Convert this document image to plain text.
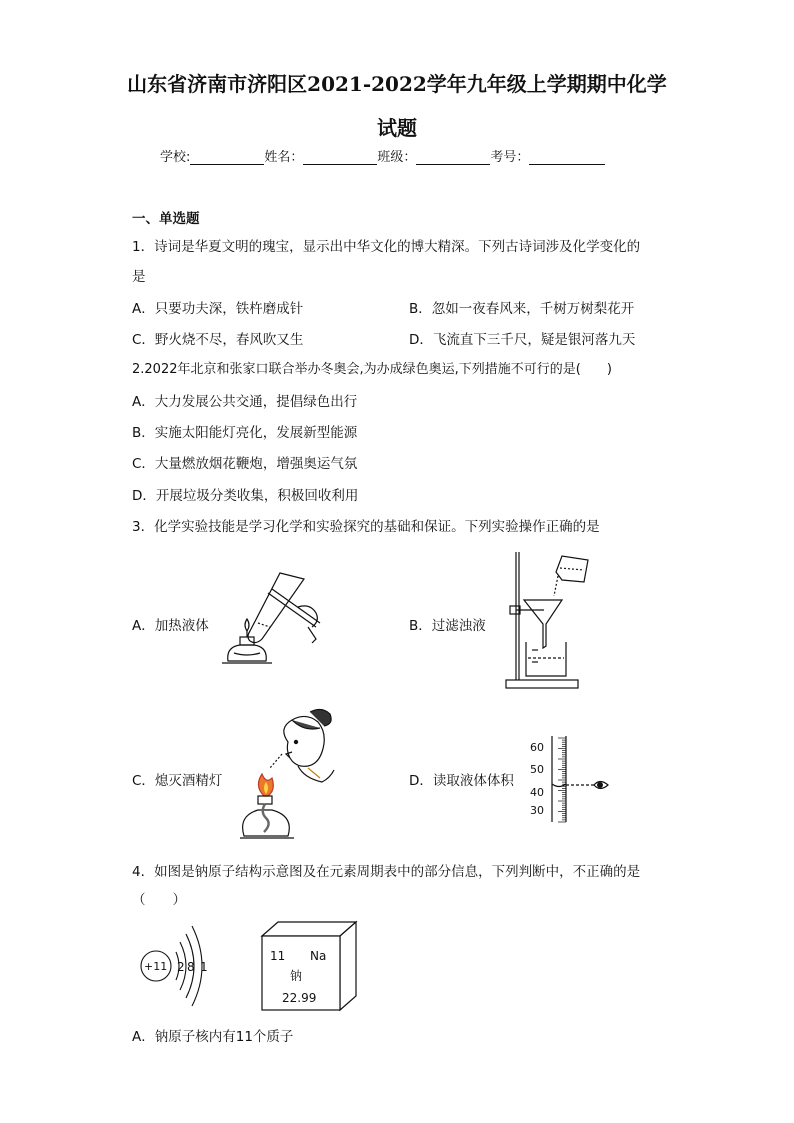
山东省济南市济阳区2021-2022学年九年级上学期期中化学
试题
学校:	姓名：	班级：	考号：
一、单选题
1．诗词是华夏文明的瑰宝，显示出中华文化的博大精深。下列古诗词涉及化学变化的
是
A．只要功夫深，铁杵磨成针	B．忽如一夜春风来，千树万树梨花开
C．野火烧不尽，春风吹又生	D．飞流直下三千尺，疑是银河落九天
2.2022年北京和张家口联合举办冬奥会,为办成绿色奥运,下列措施不可行的是(　　)
A．大力发展公共交通，提倡绿色出行
B．实施太阳能灯亮化，发展新型能源
C．大量燃放烟花鞭炮，增强奥运气氛
D．开展垃圾分类收集，积极回收利用
3．化学实验技能是学习化学和实验探究的基础和保证。下列实验操作正确的是
A．加热液体	B．过滤浊液
C．熄灭酒精灯	D．读取液体体积
60
50
40
30
4．如图是钠原子结构示意图及在元素周期表中的部分信息，下列判断中，不正确的是
（　　）
+11 2 8 1
11 Na
钠
22.99
A．钠原子核内有11个质子
